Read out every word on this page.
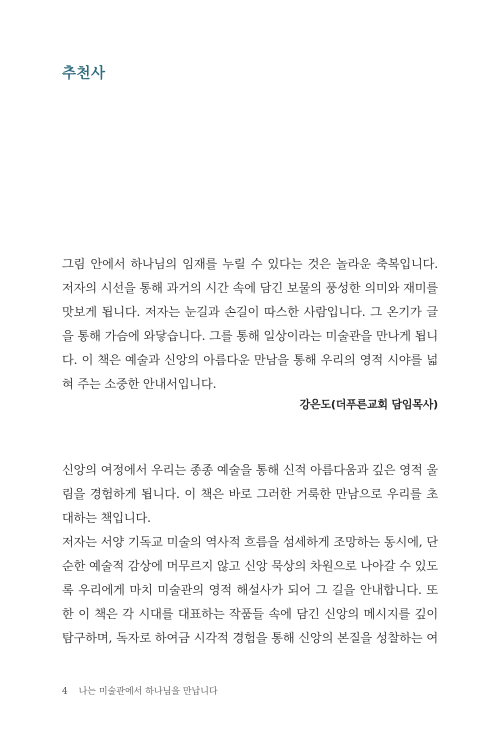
추천사

그림 안에서 하나님의 임재를 누릴 수 있다는 것은 놀라운 축복입니다.
저자의 시선을 통해 과거의 시간 속에 담긴 보물의 풍성한 의미와 재미를
맛보게 됩니다. 저자는 눈길과 손길이 따스한 사람입니다. 그 온기가 글
을 통해 가슴에 와닿습니다. 그를 통해 일상이라는 미술관을 만나게 됩니
다. 이 책은 예술과 신앙의 아름다운 만남을 통해 우리의 영적 시야를 넓
혀 주는 소중한 안내서입니다.

강은도(더푸른교회 담임목사)

신앙의 여정에서 우리는 종종 예술을 통해 신적 아름다움과 깊은 영적 울
림을 경험하게 됩니다. 이 책은 바로 그러한 거룩한 만남으로 우리를 초
대하는 책입니다.

저자는 서양 기독교 미술의 역사적 흐름을 섬세하게 조망하는 동시에, 단
순한 예술적 감상에 머무르지 않고 신앙 묵상의 차원으로 나아갈 수 있도
록 우리에게 마치 미술관의 영적 해설사가 되어 그 길을 안내합니다. 또
한 이 책은 각 시대를 대표하는 작품들 속에 담긴 신앙의 메시지를 깊이
탐구하며, 독자로 하여금 시각적 경험을 통해 신앙의 본질을 성찰하는 여

4 나는 미술관에서 하나님을 만납니다
